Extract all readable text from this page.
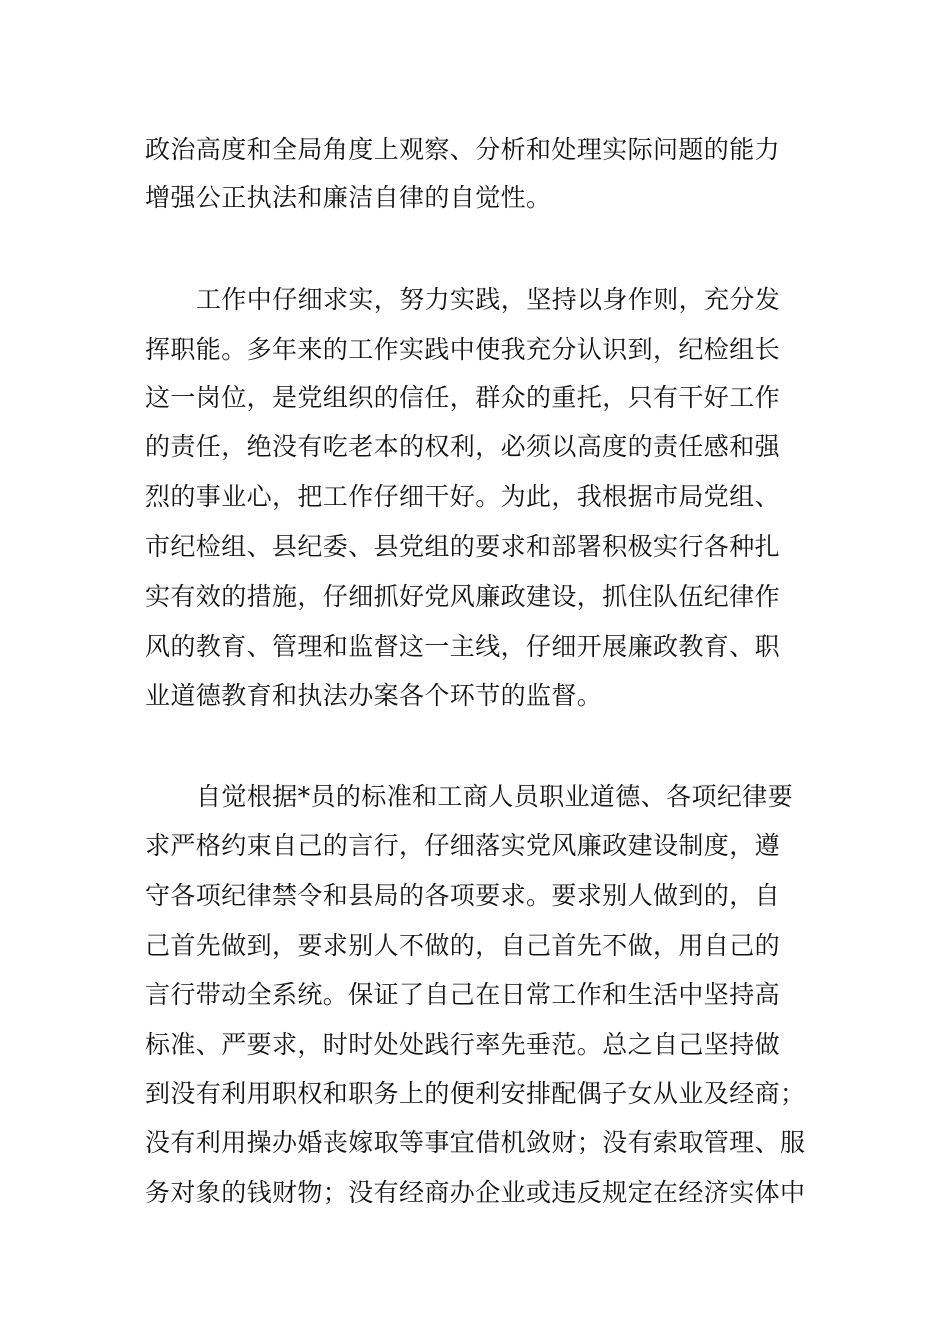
政治高度和全局角度上观察、分析和处理实际问题的能力
增强公正执法和廉洁自律的自觉性。
工作中仔细求实，努力实践，坚持以身作则，充分发
挥职能。多年来的工作实践中使我充分认识到，纪检组长
这一岗位，是党组织的信任，群众的重托，只有干好工作
的责任，绝没有吃老本的权利，必须以高度的责任感和强
烈的事业心，把工作仔细干好。为此，我根据市局党组、
市纪检组、县纪委、县党组的要求和部署积极实行各种扎
实有效的措施，仔细抓好党风廉政建设，抓住队伍纪律作
风的教育、管理和监督这一主线，仔细开展廉政教育、职
业道德教育和执法办案各个环节的监督。
自觉根据*员的标准和工商人员职业道德、各项纪律要
求严格约束自己的言行，仔细落实党风廉政建设制度，遵
守各项纪律禁令和县局的各项要求。要求别人做到的，自
己首先做到，要求别人不做的，自己首先不做，用自己的
言行带动全系统。保证了自己在日常工作和生活中坚持高
标准、严要求，时时处处践行率先垂范。总之自己坚持做
到没有利用职权和职务上的便利安排配偶子女从业及经商；
没有利用操办婚丧嫁取等事宜借机敛财；没有索取管理、服
务对象的钱财物；没有经商办企业或违反规定在经济实体中
